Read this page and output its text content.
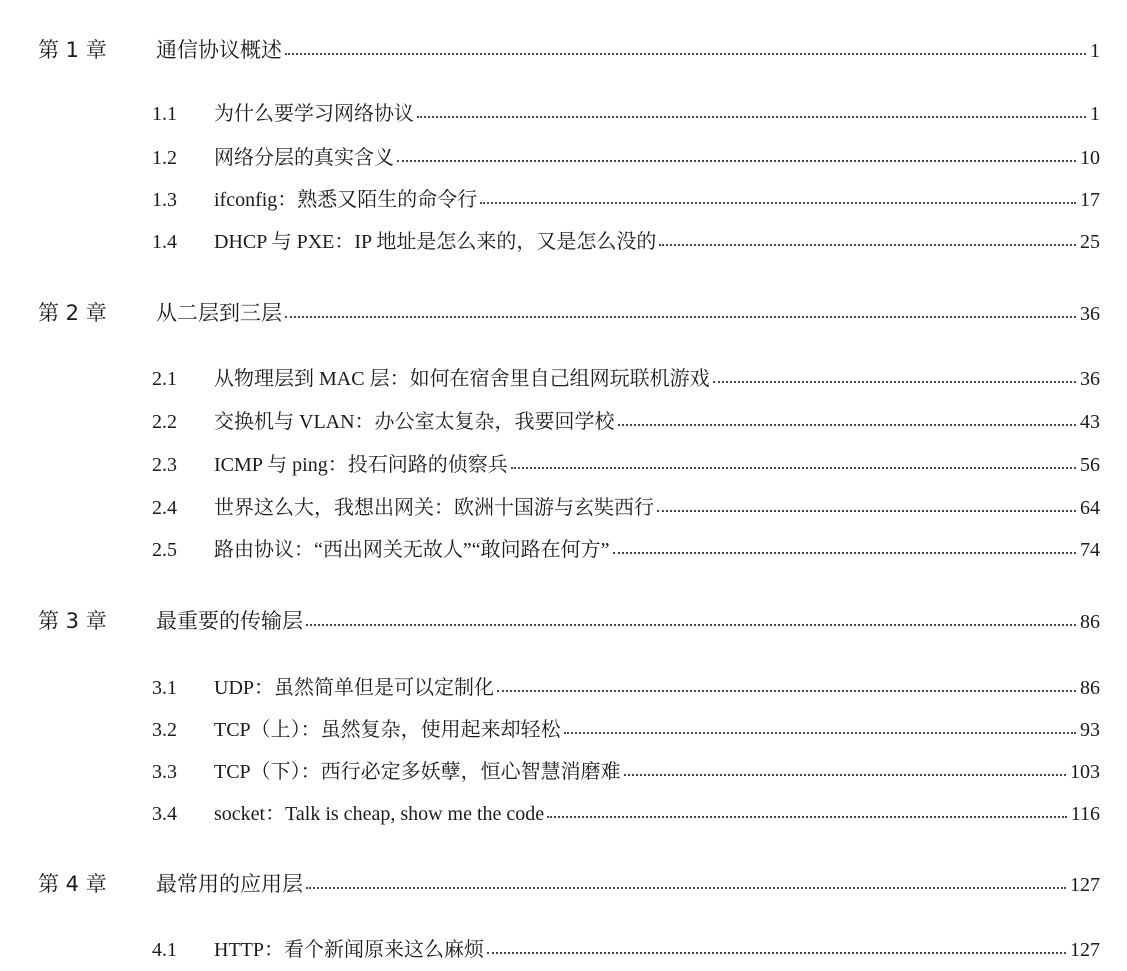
第 1 章	通信协议概述	1
1.1	为什么要学习网络协议	1
1.2	网络分层的真实含义	10
1.3	ifconfig：熟悉又陌生的命令行	17
1.4	DHCP 与 PXE：IP 地址是怎么来的，又是怎么没的	25
第 2 章	从二层到三层	36
2.1	从物理层到 MAC 层：如何在宿舍里自己组网玩联机游戏	36
2.2	交换机与 VLAN：办公室太复杂，我要回学校	43
2.3	ICMP 与 ping：投石问路的侦察兵	56
2.4	世界这么大，我想出网关：欧洲十国游与玄奘西行	64
2.5	路由协议：“西出网关无故人”“敢问路在何方”	74
第 3 章	最重要的传输层	86
3.1	UDP：虽然简单但是可以定制化	86
3.2	TCP（上）：虽然复杂，使用起来却轻松	93
3.3	TCP（下）：西行必定多妖孽，恒心智慧消磨难	103
3.4	socket：Talk is cheap, show me the code	116
第 4 章	最常用的应用层	127
4.1	HTTP：看个新闻原来这么麻烦	127
